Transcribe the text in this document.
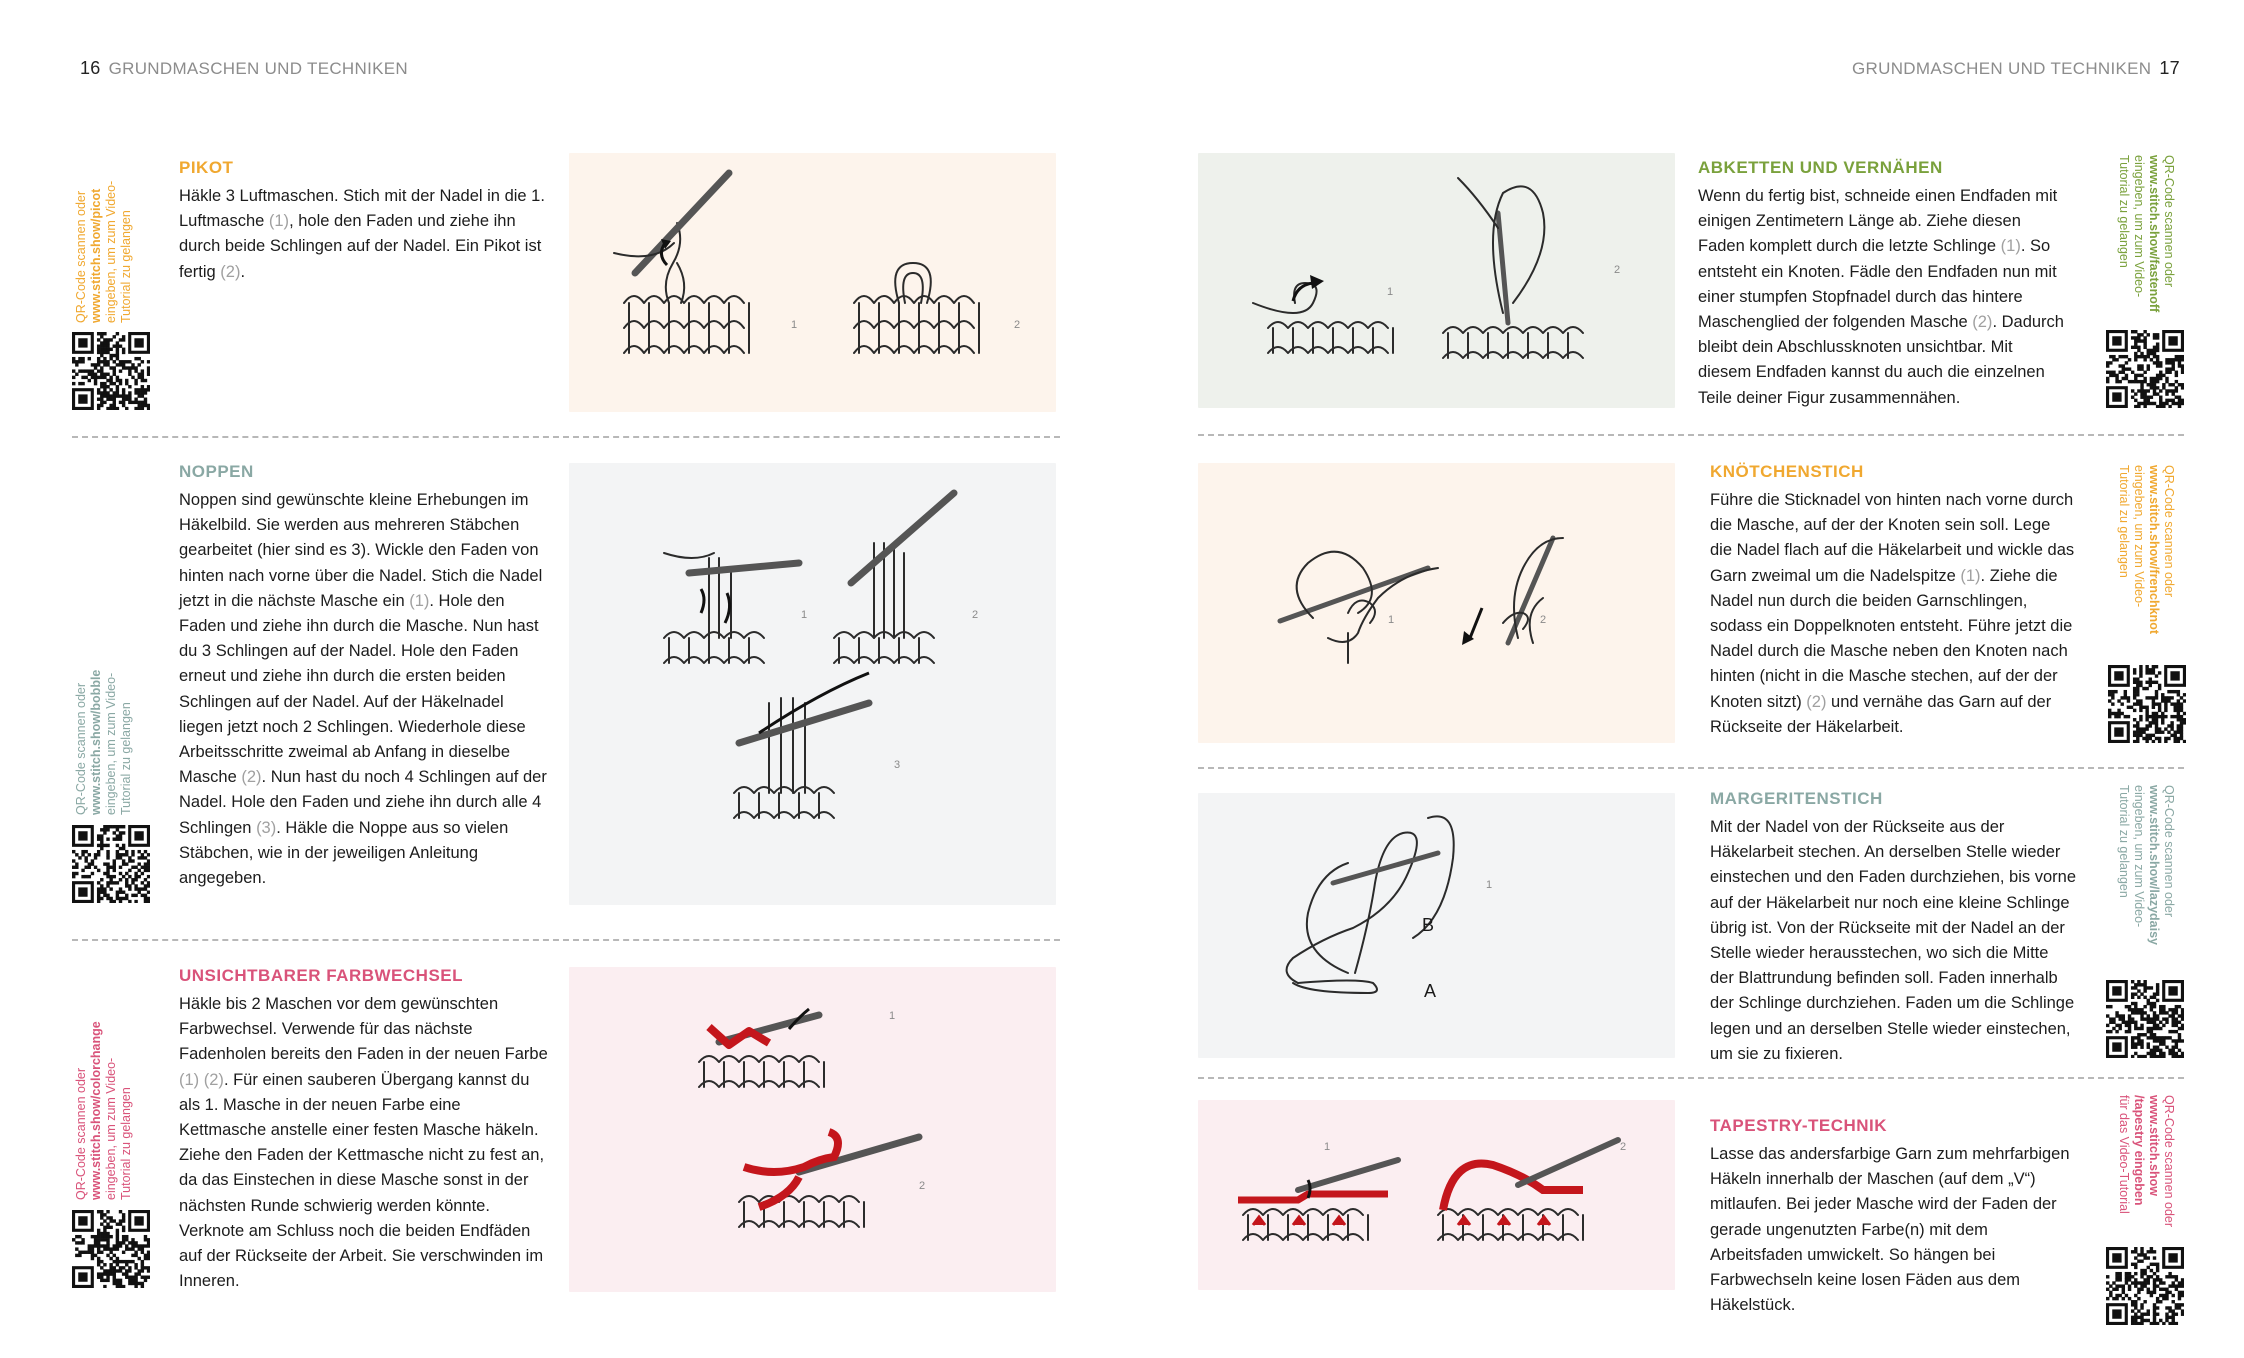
16 GRUNDMASCHEN UND TECHNIKEN	GRUNDMASCHEN UND TECHNIKEN 17
QR-Code scannen oder www.stitch.show/picot eingeben, um zum Video- Tutorial zu gelangen
PIKOT
Häkle 3 Luftmaschen. Stich mit der Nadel in die 1. Luftmasche (1), hole den Faden und ziehe ihn durch beide Schlingen auf der Nadel. Ein Pikot ist fertig (2).
1	2
QR-Code scannen oder www.stitch.show/bobble eingeben, um zum Video- Tutorial zu gelangen
NOPPEN
Noppen sind gewünschte kleine Erhebungen im Häkelbild. Sie werden aus mehreren Stäbchen gearbeitet (hier sind es 3). Wickle den Faden von hinten nach vorne über die Nadel. Stich die Nadel jetzt in die nächste Masche ein (1). Hole den Faden und ziehe ihn durch die Masche. Nun hast du 3 Schlingen auf der Nadel. Hole den Faden erneut und ziehe ihn durch die ersten beiden Schlingen auf der Nadel. Auf der Häkelnadel liegen jetzt noch 2 Schlingen. Wiederhole diese Arbeitsschritte zweimal ab Anfang in dieselbe Masche (2). Nun hast du noch 4 Schlingen auf der Nadel. Hole den Faden und ziehe ihn durch alle 4 Schlingen (3). Häkle die Noppe aus so vielen Stäbchen, wie in der jeweiligen Anleitung angegeben.
1	2
3
QR-Code scannen oder www.stitch.show/colorchange eingeben, um zum Video- Tutorial zu gelangen
UNSICHTBARER FARBWECHSEL
Häkle bis 2 Maschen vor dem gewünschten Farbwechsel. Verwende für das nächste Fadenholen bereits den Faden in der neuen Farbe (1) (2). Für einen sauberen Übergang kannst du als 1. Masche in der neuen Farbe eine Kettmasche anstelle einer festen Masche häkeln. Ziehe den Faden der Kettmasche nicht zu fest an, da das Einstechen in diese Masche sonst in der nächsten Runde schwierig werden könnte. Verknote am Schluss noch die beiden Endfäden auf der Rückseite der Arbeit. Sie verschwinden im Inneren.
1
2
1
2
ABKETTEN UND VERNÄHEN
Wenn du fertig bist, schneide einen Endfaden mit einigen Zentimetern Länge ab. Ziehe diesen Faden komplett durch die letzte Schlinge (1). So entsteht ein Knoten. Fädle den Endfaden nun mit einer stumpfen Stopfnadel durch das hintere Maschenglied der folgenden Masche (2). Dadurch bleibt dein Abschlussknoten unsichtbar. Mit diesem Endfaden kannst du auch die einzelnen Teile deiner Figur zusammennähen.
QR-Code scannen oder
www.stitch.show/fastenoff
eingeben, um zum Video-
Tutorial zu gelangen
1	2
KNÖTCHENSTICH
Führe die Sticknadel von hinten nach vorne durch die Masche, auf der der Knoten sein soll. Lege die Nadel flach auf die Häkelarbeit und wickle das Garn zweimal um die Nadelspitze (1). Ziehe die Nadel nun durch die beiden Garnschlingen, sodass ein Doppelknoten entsteht. Führe jetzt die Nadel durch die Masche neben den Knoten nach hinten (nicht in die Masche stechen, auf der der Knoten sitzt) (2) und vernähe das Garn auf der Rückseite der Häkelarbeit.
QR-Code scannen oder
www.stitch.show/frenchknot
eingeben, um zum Video-
Tutorial zu gelangen
1
B
A
MARGERITENSTICH
Mit der Nadel von der Rückseite aus der Häkelarbeit stechen. An derselben Stelle wieder einstechen und den Faden durchziehen, bis vorne auf der Häkelarbeit nur noch eine kleine Schlinge übrig ist. Von der Rückseite mit der Nadel an der Stelle wieder herausstechen, wo sich die Mitte der Blattrundung befinden soll. Faden innerhalb der Schlinge durchziehen. Faden um die Schlinge legen und an derselben Stelle wieder einstechen, um sie zu fixieren.
QR-Code scannen oder
www.stitch.show/lazydaisy
eingeben, um zum Video-
Tutorial zu gelangen
1	2
TAPESTRY-TECHNIK
Lasse das andersfarbige Garn zum mehrfarbigen Häkeln innerhalb der Maschen (auf dem „V“) mitlaufen. Bei jeder Masche wird der Faden der gerade ungenutzten Farbe(n) mit dem Arbeitsfaden umwickelt. So hängen bei Farbwechseln keine losen Fäden aus dem Häkelstück.
QR-Code scannen oder
www.stitch.show
/tapestry eingeben
für das Video-Tutorial
